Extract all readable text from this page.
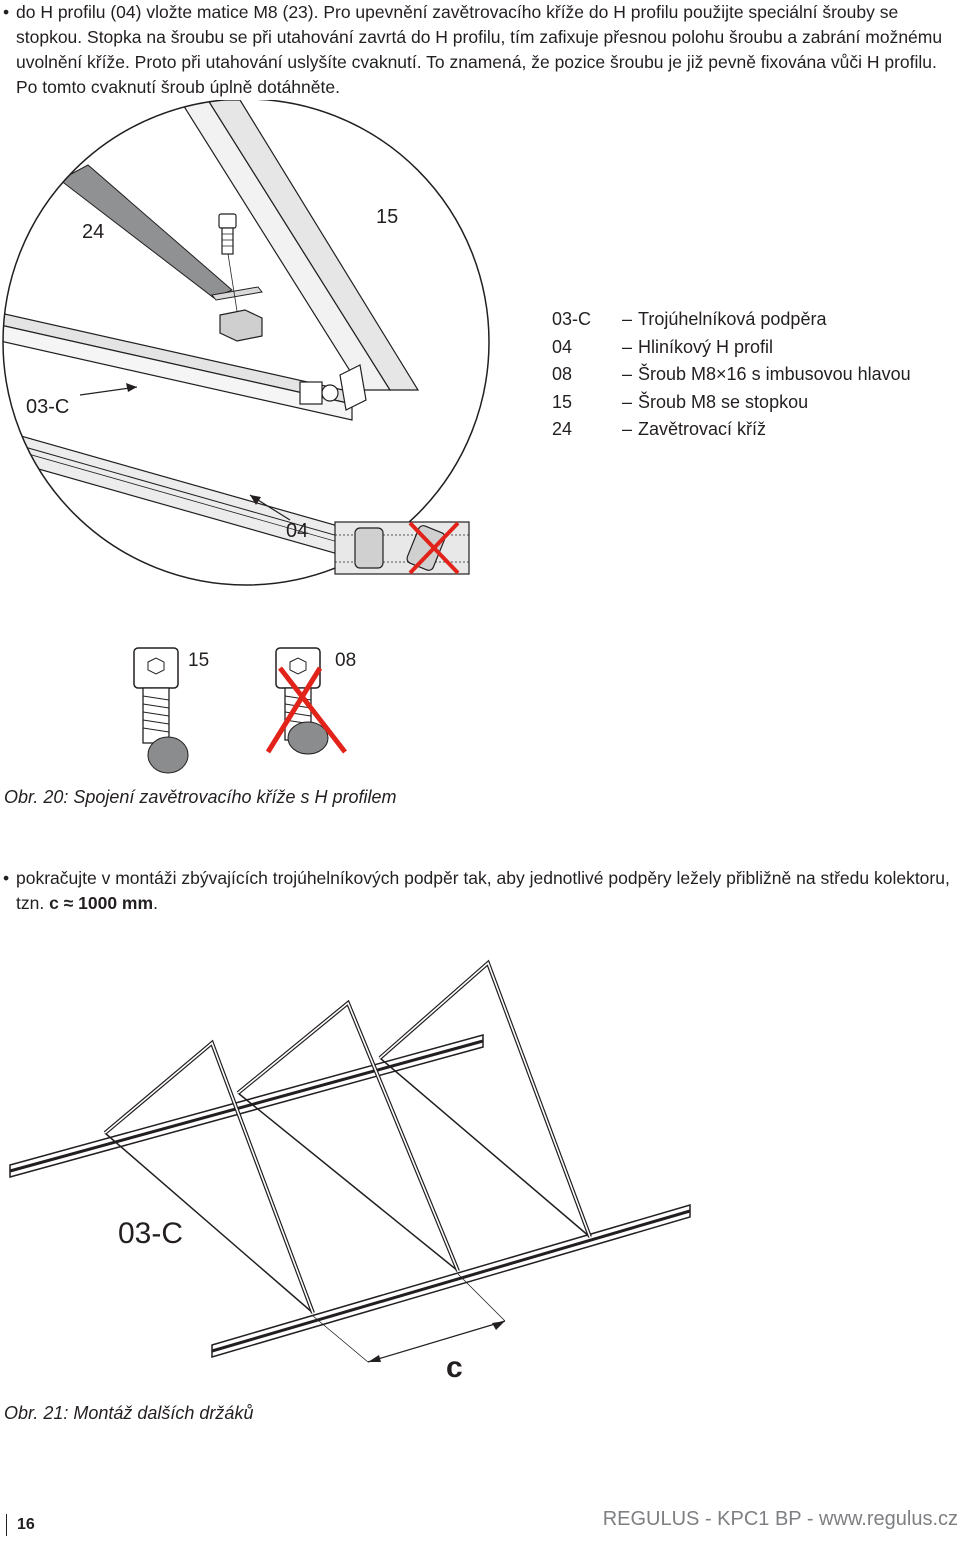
• do H profilu (04) vložte matice M8 (23). Pro upevnění zavětrovacího kříže do H profilu použijte speciální šrouby se stopkou. Stopka na šroubu se při utahování zavrtá do H profilu, tím zafixuje přesnou polohu šroubu a zabrání možnému uvolnění kříže. Proto při utahování uslyšíte cvaknutí. To znamená, že pozice šroubu je již pevně fixována vůči H profilu. Po tomto cvaknutí šroub úplně dotáhněte.
24
15
03-C
04
15	08
03-C	– Trojúhelníková podpěra
04	– Hliníkový H profil
08	– Šroub M8×16 s imbusovou hlavou
15	– Šroub M8 se stopkou
24	– Zavětrovací kříž
Obr. 20: Spojení zavětrovacího kříže s H profilem
• pokračujte v montáži zbývajících trojúhelníkových podpěr tak, aby jednotlivé podpěry ležely přibližně na středu kolektoru, tzn. c ≈ 1000 mm.
03-C
c
Obr. 21: Montáž dalších držáků
16	REGULUS - KPC1 BP - www.regulus.cz
